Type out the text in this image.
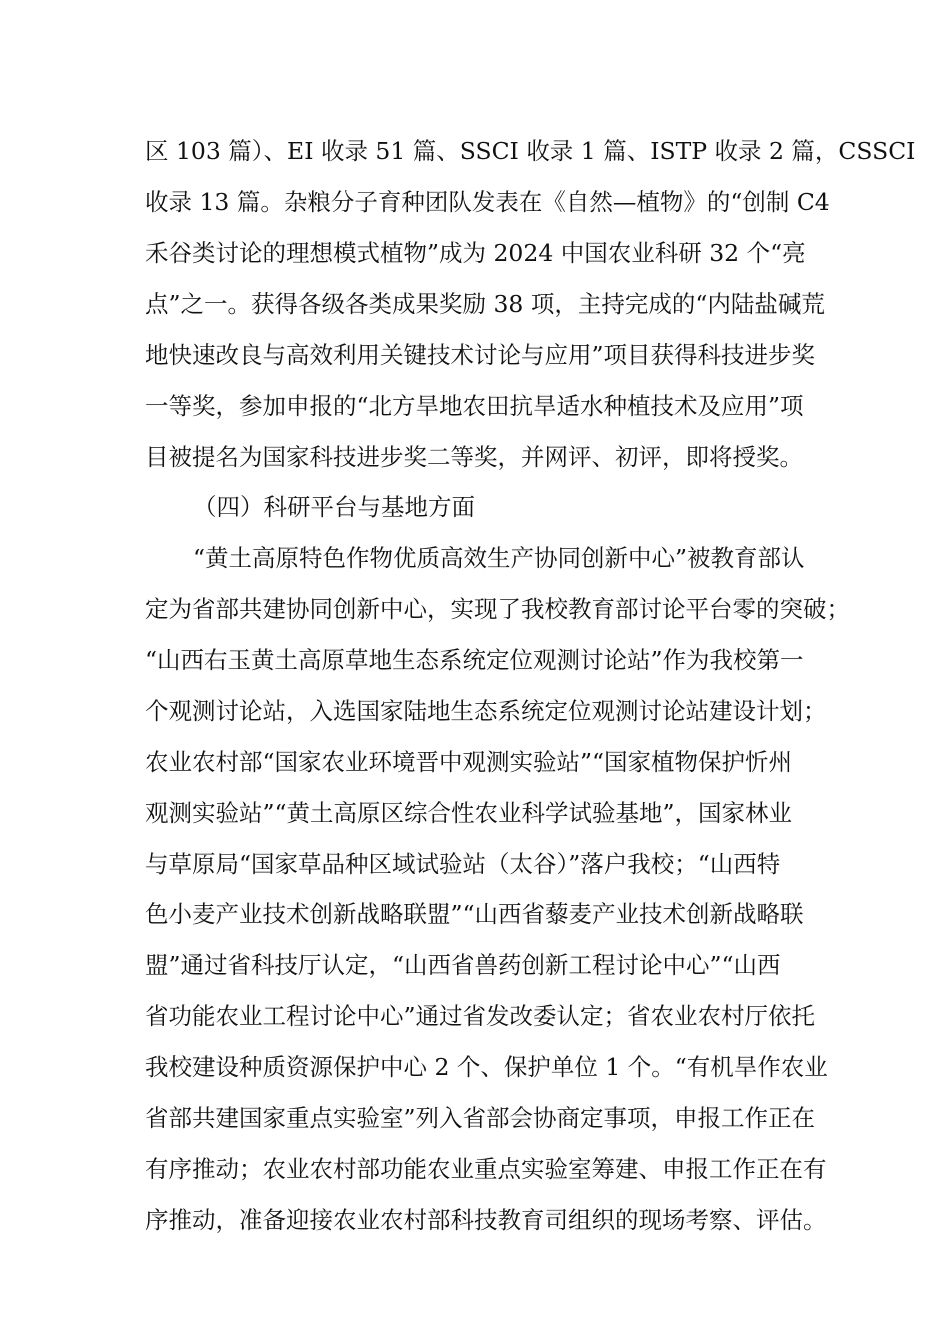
区 103 篇）、EI 收录 51 篇、SSCI 收录 1 篇、ISTP 收录 2 篇，CSSCI
收录 13 篇。杂粮分子育种团队发表在《自然—植物》的“创制 C4
禾谷类讨论的理想模式植物”成为 2024 中国农业科研 32 个“亮
点”之一。获得各级各类成果奖励 38 项，主持完成的“内陆盐碱荒
地快速改良与高效利用关键技术讨论与应用”项目获得科技进步奖
一等奖，参加申报的“北方旱地农田抗旱适水种植技术及应用”项
目被提名为国家科技进步奖二等奖，并网评、初评，即将授奖。
（四）科研平台与基地方面
“黄土高原特色作物优质高效生产协同创新中心”被教育部认
定为省部共建协同创新中心，实现了我校教育部讨论平台零的突破；
“山西右玉黄土高原草地生态系统定位观测讨论站”作为我校第一
个观测讨论站，入选国家陆地生态系统定位观测讨论站建设计划；
农业农村部“国家农业环境晋中观测实验站”“国家植物保护忻州
观测实验站”“黄土高原区综合性农业科学试验基地”，国家林业
与草原局“国家草品种区域试验站（太谷）”落户我校；“山西特
色小麦产业技术创新战略联盟”“山西省藜麦产业技术创新战略联
盟”通过省科技厅认定，“山西省兽药创新工程讨论中心”“山西
省功能农业工程讨论中心”通过省发改委认定；省农业农村厅依托
我校建设种质资源保护中心 2 个、保护单位 1 个。“有机旱作农业
省部共建国家重点实验室”列入省部会协商定事项，申报工作正在
有序推动；农业农村部功能农业重点实验室筹建、申报工作正在有
序推动，准备迎接农业农村部科技教育司组织的现场考察、评估。
